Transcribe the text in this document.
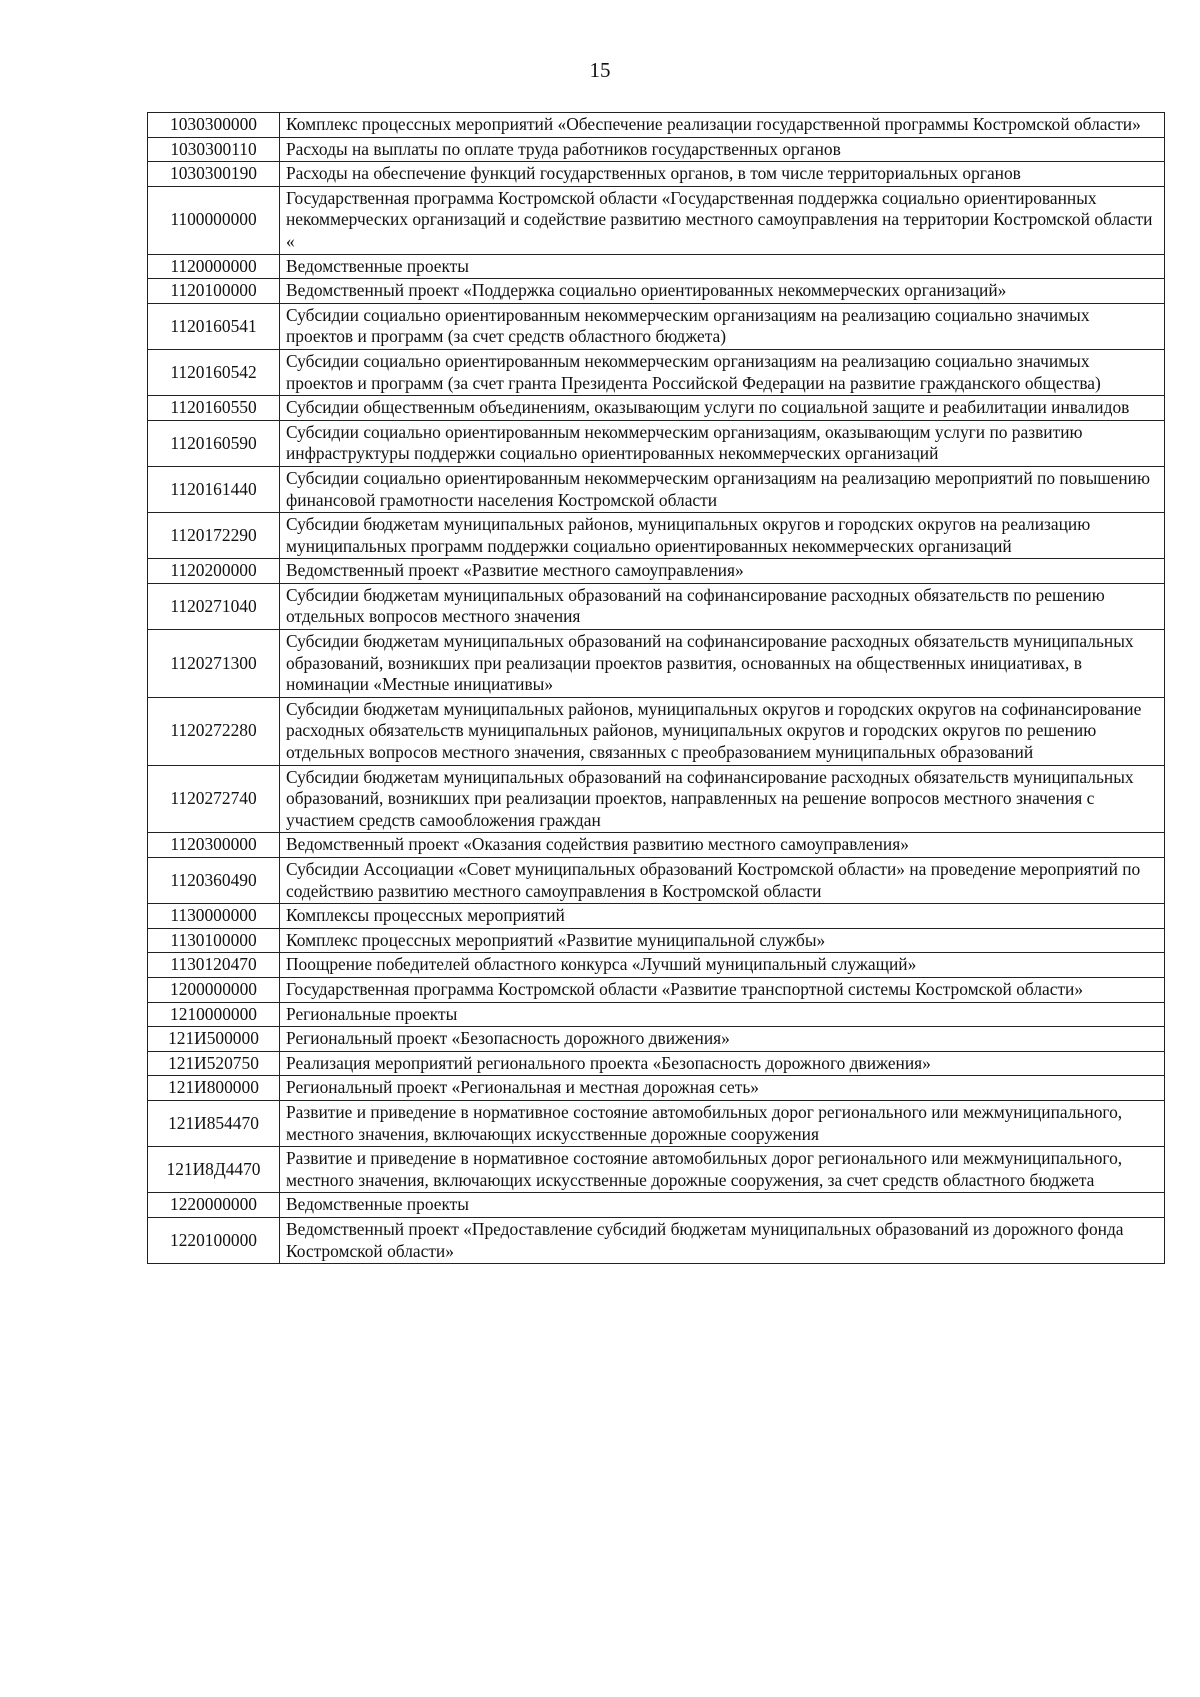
15
1030300000	Комплекс процессных мероприятий «Обеспечение реализации государственной программы Костромской области»
1030300110	Расходы на выплаты по оплате труда работников государственных органов
1030300190	Расходы на обеспечение функций государственных органов, в том числе территориальных органов
1100000000	Государственная программа Костромской области «Государственная поддержка социально ориентированных некоммерческих организаций и содействие развитию местного самоуправления на территории Костромской области «
1120000000	Ведомственные проекты
1120100000	Ведомственный проект «Поддержка социально ориентированных некоммерческих организаций»
1120160541	Субсидии социально ориентированным некоммерческим организациям на реализацию социально значимых проектов и программ (за счет средств областного бюджета)
1120160542	Субсидии социально ориентированным некоммерческим организациям на реализацию социально значимых проектов и программ (за счет гранта Президента Российской Федерации на развитие гражданского общества)
1120160550	Субсидии общественным объединениям, оказывающим услуги по социальной защите и реабилитации инвалидов
1120160590	Субсидии социально ориентированным некоммерческим организациям, оказывающим услуги по развитию инфраструктуры поддержки социально ориентированных некоммерческих организаций
1120161440	Субсидии социально ориентированным некоммерческим организациям на реализацию мероприятий по повышению финансовой грамотности населения Костромской области
1120172290	Субсидии бюджетам муниципальных районов, муниципальных округов и городских округов на реализацию муниципальных программ поддержки социально ориентированных некоммерческих организаций
1120200000	Ведомственный проект «Развитие местного самоуправления»
1120271040	Субсидии бюджетам муниципальных образований на софинансирование расходных обязательств по решению отдельных вопросов местного значения
1120271300	Субсидии бюджетам муниципальных образований на софинансирование расходных обязательств муниципальных образований, возникших при реализации проектов развития, основанных на общественных инициативах, в номинации «Местные инициативы»
1120272280	Субсидии бюджетам муниципальных районов, муниципальных округов и городских округов на софинансирование расходных обязательств муниципальных районов, муниципальных округов и городских округов по решению отдельных вопросов местного значения, связанных с преобразованием муниципальных образований
1120272740	Субсидии бюджетам муниципальных образований на софинансирование расходных обязательств муниципальных образований, возникших при реализации проектов, направленных на решение вопросов местного значения с участием средств самообложения граждан
1120300000	Ведомственный проект «Оказания содействия развитию местного самоуправления»
1120360490	Субсидии Ассоциации «Совет муниципальных образований Костромской области» на проведение мероприятий по содействию развитию местного самоуправления в Костромской области
1130000000	Комплексы процессных мероприятий
1130100000	Комплекс процессных мероприятий «Развитие муниципальной службы»
1130120470	Поощрение победителей областного конкурса «Лучший муниципальный служащий»
1200000000	Государственная программа Костромской области «Развитие транспортной системы Костромской области»
1210000000	Региональные проекты
121И500000	Региональный проект «Безопасность дорожного движения»
121И520750	Реализация мероприятий регионального проекта «Безопасность дорожного движения»
121И800000	Региональный проект «Региональная и местная дорожная сеть»
121И854470	Развитие и приведение в нормативное состояние автомобильных дорог регионального или межмуниципального, местного значения, включающих искусственные дорожные сооружения
121И8Д4470	Развитие и приведение в нормативное состояние автомобильных дорог регионального или межмуниципального, местного значения, включающих искусственные дорожные сооружения, за счет средств областного бюджета
1220000000	Ведомственные проекты
1220100000	Ведомственный проект «Предоставление субсидий бюджетам муниципальных образований из дорожного фонда Костромской области»
